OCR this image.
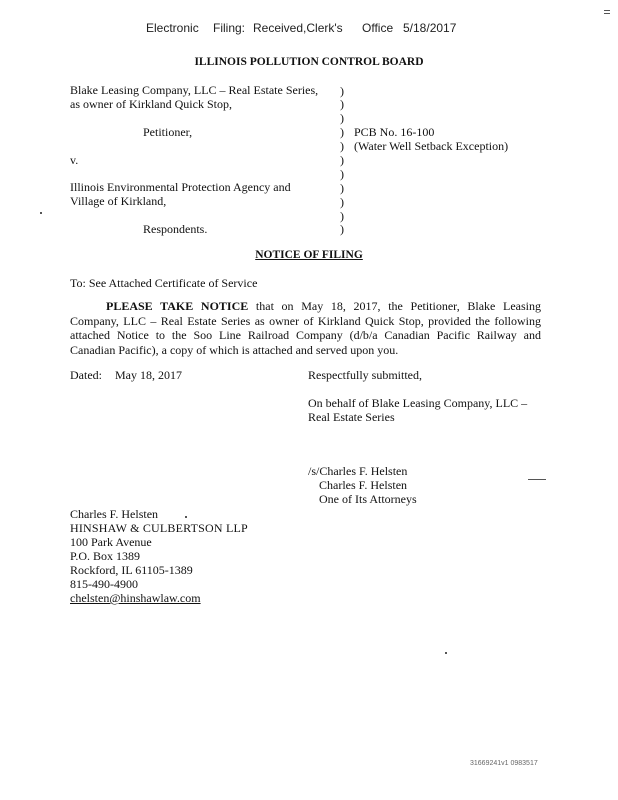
Electronic Filing: Received,Clerk's Office 5/18/2017
ILLINOIS POLLUTION CONTROL BOARD
Blake Leasing Company, LLC – Real Estate Series,
as owner of Kirkland Quick Stop,
Petitioner,
v.
Illinois Environmental Protection Agency and
Village of Kirkland,
Respondents.
)
)
)
)
)
)
)
)
)
)
)
PCB No. 16-100
(Water Well Setback Exception)
NOTICE OF FILING
To: See Attached Certificate of Service
PLEASE TAKE NOTICE that on May 18, 2017, the Petitioner, Blake Leasing Company, LLC – Real Estate Series as owner of Kirkland Quick Stop, provided the following attached Notice to the Soo Line Railroad Company (d/b/a Canadian Pacific Railway and Canadian Pacific), a copy of which is attached and served upon you.
Dated: May 18, 2017	Respectfully submitted,
On behalf of Blake Leasing Company, LLC –
Real Estate Series
/s/Charles F. Helsten
Charles F. Helsten
One of Its Attorneys
Charles F. Helsten
HINSHAW & CULBERTSON LLP
100 Park Avenue
P.O. Box 1389
Rockford, IL 61105-1389
815-490-4900
chelsten@hinshawlaw.com
31669241v1 0983517
